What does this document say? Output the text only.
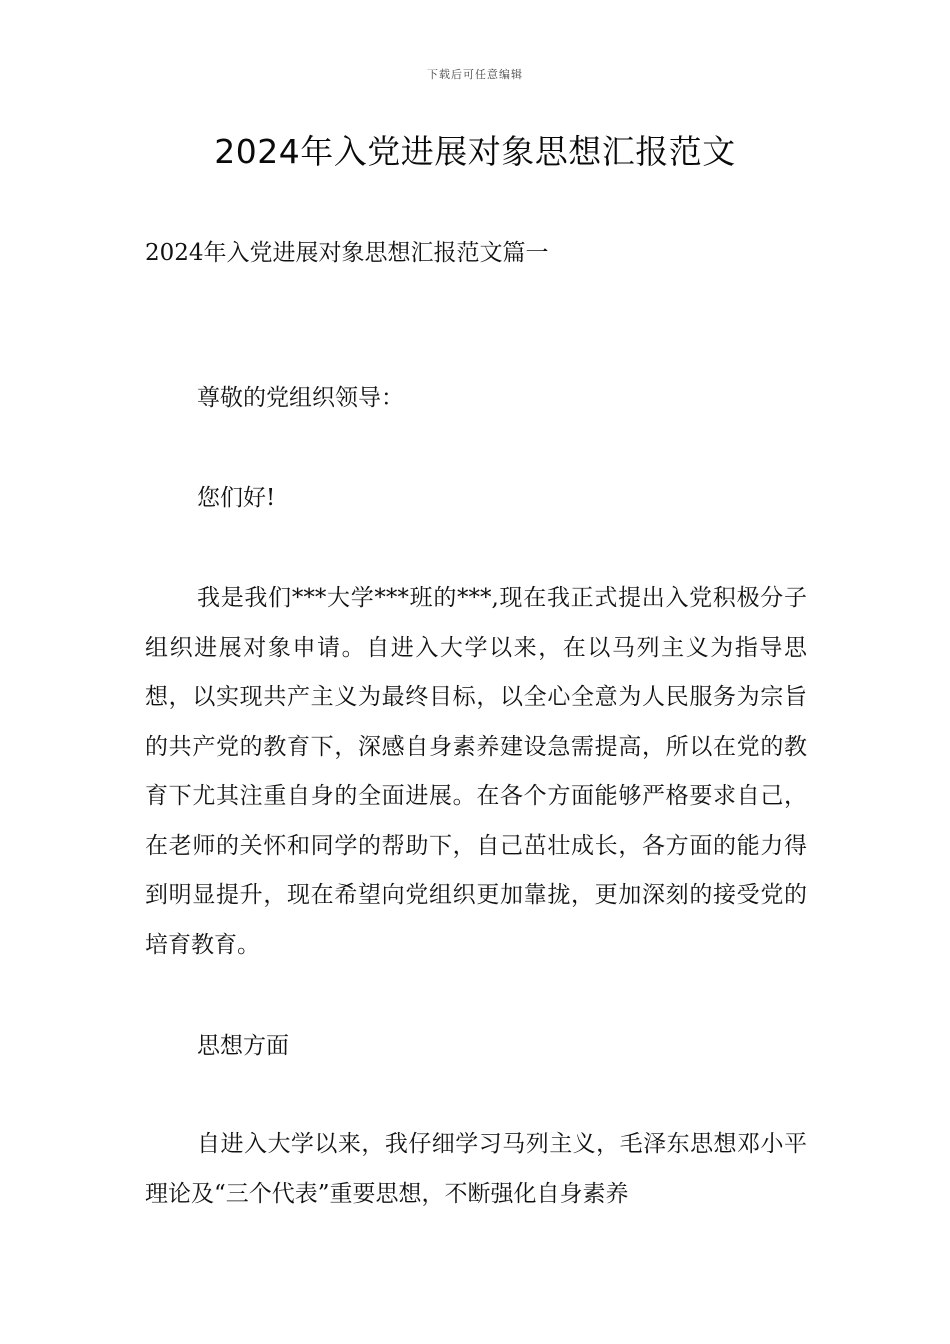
下载后可任意编辑
2024年入党进展对象思想汇报范文
2024年入党进展对象思想汇报范文篇一

尊敬的党组织领导：

您们好!

我是我们***大学***班的***,现在我正式提出入党积极分子组织进展对象申请。自进入大学以来，在以马列主义为指导思想，以实现共产主义为最终目标，以全心全意为人民服务为宗旨的共产党的教育下，深感自身素养建设急需提高，所以在党的教育下尤其注重自身的全面进展。在各个方面能够严格要求自己，在老师的关怀和同学的帮助下，自己茁壮成长，各方面的能力得到明显提升，现在希望向党组织更加靠拢，更加深刻的接受党的培育教育。

思想方面

自进入大学以来，我仔细学习马列主义，毛泽东思想邓小平理论及“三个代表”重要思想，不断强化自身素养
